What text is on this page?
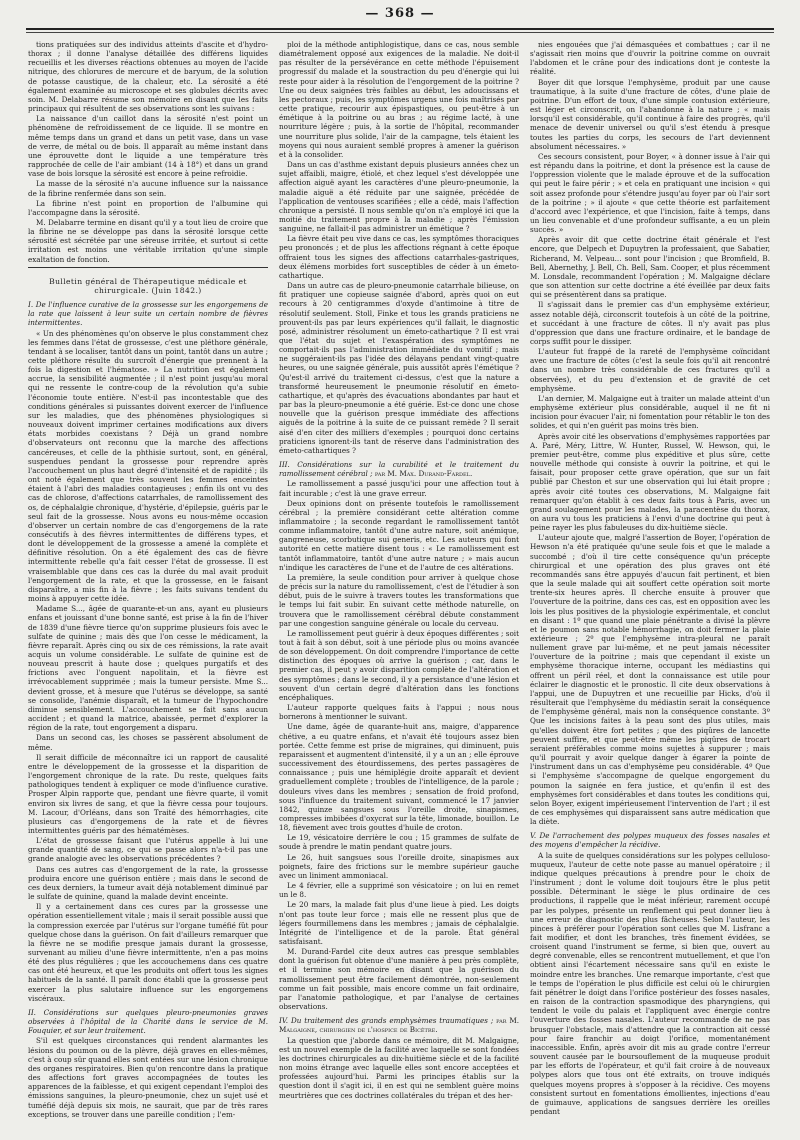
— 368 —

tions pratiquées sur des individus atteints d'ascite et d'hydro-thorax ; il donne l'analyse détaillée des différens liquides recueillis et les diverses réactions obtenues au moyen de l'acide nitrique, des chlorures de mercure et de baryum, de la solution de potasse caustique, de la chaleur, etc. La sérosité a été également examinée au microscope et ses globules décrits avec soin. M. Delabarre résume son mémoire en disant que les faits principaux qui résultent de ses observations sont les suivans :

La naissance d'un caillot dans la sérosité n'est point un phénomène de refroidissement de ce liquide. Il se montre en même temps dans un grand et dans un petit vase, dans un vase de verre, de métal ou de bois. Il apparaît au même instant dans une éprouvette dont le liquide a une température très rapprochée de celle de l'air ambiant (14 à 18°) et dans un grand vase de bois lorsque la sérosité est encore à peine refroidie.

La masse de la sérosité n'a aucune influence sur la naissance de la fibrine renfermée dans son sein.

La fibrine n'est point en proportion de l'albumine qui l'accompagne dans la sérosité.

M. Delabarre termine en disant qu'il y a tout lieu de croire que la fibrine ne se développe pas dans la sérosité lorsque cette sérosité est sécrétée par une séreuse irritée, et surtout si cette irritation est moins une véritable irritation qu'une simple exaltation de fonction.

Bulletin général de Thérapeutique médicale et chirurgicale. (Juin 1842.)

I. De l'influence curative de la grossesse sur les engorgemens de la rate que laissent à leur suite un certain nombre de fièvres intermittentes.

« Un des phénomènes qu'on observe le plus constamment chez les femmes dans l'état de grossesse, c'est une pléthore générale, tendant à se localiser, tantôt dans un point, tantôt dans un autre ; cette pléthore résulte du surcroît d'énergie que prennent à la fois la digestion et l'hématose. » La nutrition est également accrue, la sensibilité augmentée ; il n'est point jusqu'au moral qui ne ressente le contre-coup de la révolution qu'a subie l'économie toute entière. N'est-il pas incontestable que des conditions générales si puissantes doivent exercer de l'influence sur les maladies, que des phénomènes physiologiques si nouveaux doivent imprimer certaines modifications aux divers états morbides coexistans ? Déjà un grand nombre d'observateurs ont reconnu que la marche des affections cancéreuses, et celle de la phthisie surtout, sont, en général, suspendues pendant la grossesse pour reprendre après l'accouchement un plus haut degré d'intensité et de rapidité ; ils ont noté également que très souvent les femmes enceintes étaient à l'abri des maladies contagieuses ; enfin ils ont vu des cas de chlorose, d'affections catarrhales, de ramollissement des os, de céphalalgie chronique, d'hystérie, d'épilepsie, guéris par le seul fait de la grossesse. Nous avons eu nous-même occasion d'observer un certain nombre de cas d'engorgemens de la rate consécutifs à des fièvres intermittentes de différens types, et dont le développement de la grossesse a amené la complète et définitive résolution. On a été également des cas de fièvre intermittente rebelle qu'a fait cesser l'état de grossesse. Il est vraisemblable que dans ces cas la durée du mal avait produit l'engorgement de la rate, et que la grossesse, en le faisant disparaître, a mis fin à la fièvre ; les faits suivans tendent du moins à appuyer cette idée.

Madame S..., âgée de quarante-et-un ans, ayant eu plusieurs enfans et jouissant d'une bonne santé, est prise à la fin de l'hiver de 1839 d'une fièvre tierce qu'on supprime plusieurs fois avec le sulfate de quinine ; mais dès que l'on cesse le médicament, la fièvre reparaît. Après cinq ou six de ces rémissions, la rate avait acquis un volume considérable. Le sulfate de quinine est de nouveau prescrit à haute dose ; quelques purgatifs et des frictions avec l'onguent napolitain, et la fièvre est irrévocablement supprimée ; mais la tumeur persiste. Mme S... devient grosse, et à mesure que l'utérus se développe, sa santé se consolide, l'anémie disparaît, et la tumeur de l'hypochondre diminue sensiblement. L'accouchement se fait sans aucun accident ; et quand la matrice, abaissée, permet d'explorer la région de la rate, tout engorgement a disparu.

Dans un second cas, les choses se passèrent absolument de même.

Il serait difficile de méconnaître ici un rapport de causalité entre le développement de la grossesse et la disparition de l'engorgement chronique de la rate. Du reste, quelques faits pathologiques tendent à expliquer ce mode d'influence curative. Prosper Alpin rapporte que, pendant une fièvre quarte, il vomit environ six livres de sang, et que la fièvre cessa pour toujours. M. Lacour, d'Orléans, dans son Traité des hémorrhagies, cite plusieurs cas d'engorgemens de la rate et de fièvres intermittentes guéris par des hématémèses.

L'état de grossesse faisant que l'utérus appelle à lui une grande quantité de sang, ce qui se passe alors n'a-t-il pas une grande analogie avec les observations précédentes ?

Dans ces autres cas d'engorgement de la rate, la grossesse produira encore une guérison entière ; mais dans le second de ces deux derniers, la tumeur avait déjà notablement diminué par le sulfate de quinine, quand la malade devint enceinte.

Il y a certainement dans ces cures par la grossesse une opération essentiellement vitale ; mais il serait possible aussi que la compression exercée par l'utérus sur l'organe tuméfié fût pour quelque chose dans la guérison. On fait d'ailleurs remarquer que la fièvre ne se modifie presque jamais durant la grossesse, survenant au milieu d'une fièvre intermittente, n'en a pas moins été des plus régulières ; que les accouchemens dans ces quatre cas ont été heureux, et que les produits ont offert tous les signes habituels de la santé. Il paraît donc établi que la grossesse peut exercer la plus salutaire influence sur les engorgemens viscéraux.

II. Considérations sur quelques pleuro-pneumonies graves observées à l'hôpital de la Charité dans le service de M. Fouquier, et sur leur traitement.

S'il est quelques circonstances qui rendent alarmantes les lésions du poumon ou de la plèvre, déjà graves en elles-mêmes, c'est à coup sûr quand elles sont entées sur une lésion chronique des organes respiratoires. Bien qu'on rencontre dans la pratique des affections fort graves accompagnées de toutes les apparences de la faiblesse, et qui exigent cependant l'emploi des émissions sanguines, la pleuro-pneumonie, chez un sujet usé et tuméfié déjà depuis six mois, ne saurait, que par de très rares exceptions, se trouver dans une pareille condition ; l'em-

ploi de la méthode antiphlogistique, dans ce cas, nous semble diamétralement opposé aux exigences de la maladie. Ne doit-il pas résulter de la persévérance en cette méthode l'épuisement progressif du malade et la soustraction du peu d'énergie qui lui reste pour aider à la résolution de l'engorgement de la poitrine ? Une ou deux saignées très faibles au début, les adoucissans et les pectoraux ; puis, les symptômes urgens une fois maîtrisés par cette pratique, recourir aux épispastiques, ou peut-être à un émétique à la poitrine ou au bras ; au régime lacté, à une nourriture légère ; puis, à la sortie de l'hôpital, recommander une nourriture plus solide, l'air de la campagne, tels étaient les moyens qui nous auraient semblé propres à amener la guérison et à la consolider.

Dans un cas d'asthme existant depuis plusieurs années chez un sujet affaibli, maigre, étiolé, et chez lequel s'est développée une affection aiguë ayant les caractères d'une pleuro-pneumonie, la maladie aiguë a été réduite par une saignée, précédée de l'application de ventouses scarifiées ; elle a cédé, mais l'affection chronique a persisté. Il nous semble qu'on n'a employé ici que la moitié du traitement propre à la maladie ; après l'émission sanguine, ne fallait-il pas administrer un émétique ?

La fièvre était peu vive dans ce cas, les symptômes thoraciques peu prononcés ; et de plus les affections régnant à cette époque offraient tous les signes des affections catarrhales-gastriques, deux élémens morbides fort susceptibles de céder à un émeto-cathartique.

Dans un autre cas de pleuro-pneumonie catarrhale bilieuse, on fit pratiquer une copieuse saignée d'abord, après quoi on eut recours à 20 centigrammes d'oxyde d'antimoine à titre de résolutif seulement. Stoll, Finke et tous les grands praticiens ne prouvent-ils pas par leurs expériences qu'il fallait, le diagnostic posé, administrer résolument un émeto-cathartique ? Il est vrai que l'état du sujet et l'exaspération des symptômes ne comportait-ils pas l'administration immédiate du vomitif ; mais ne suggéraient-ils pas l'idée des délayans pendant vingt-quatre heures, ou une saignée générale, puis aussitôt après l'émétique ? Qu'est-il arrivé du traitement ci-dessus, c'est que la nature a transformé heureusement le pneumonie résolutif en émeto-cathartique, et qu'après des évacuations abondantes par haut et par bas la pleuro-pneumonie a été guérie. Est-ce donc une chose nouvelle que la guérison presque immédiate des affections aiguës de la poitrine à la suite de ce puissant remède ? Il serait aisé d'en citer des milliers d'exemples ; pourquoi donc certains praticiens ignorent-ils tant de réserve dans l'administration des émeto-cathartiques ?

III. Considérations sur la curabilité et le traitement du ramollissement cérébral ; par M. Max. Durand-Fardel.

Le ramollissement a passé jusqu'ici pour une affection tout à fait incurable ; c'est là une grave erreur.

Deux opinions dont on présente toutefois le ramollissement cérébral ; la première considérant cette altération comme inflammatoire ; la seconde regardant le ramollissement tantôt comme inflammatoire, tantôt d'une autre nature, soit anémique, gangreneuse, scorbutique sui generis, etc. Les auteurs qui font autorité en cette matière disent tous : « Le ramollissement est tantôt inflammatoire, tantôt d'une autre nature ; » mais aucun n'indique les caractères de l'une et de l'autre de ces altérations.

La première, la seule condition pour arriver à quelque chose de précis sur la nature du ramollissement, c'est de l'étudier à son début, puis de le suivre à travers toutes les transformations que le temps lui fait subir. En suivant cette méthode naturelle, on trouvera que le ramollissement cérébral débute constamment par une congestion sanguine générale ou locale du cerveau.

Le ramollissement peut guérir à deux époques différentes ; soit tout à fait à son début, soit à une période plus ou moins avancée de son développement. On doit comprendre l'importance de cette distinction des époques où arrive la guérison ; car, dans le premier cas, il peut y avoir disparition complète de l'altération et des symptômes ; dans le second, il y a persistance d'une lésion et souvent d'un certain degré d'altération dans les fonctions encéphaliques.

L'auteur rapporte quelques faits à l'appui ; nous nous bornerons à mentionner le suivant.

Une dame, âgée de quarante-huit ans, maigre, d'apparence chétive, a eu quatre enfans, et n'avait été toujours assez bien portée. Cette femme est prise de migraines, qui diminuent, puis reparaissent et augmentent d'intensité, il y a un an ; elle éprouve successivement des étourdissemens, des pertes passagères de connaissance ; puis une hémiplégie droite apparaît et devient graduellement complète ; troubles de l'intelligence, de la parole ; douleurs vives dans les membres ; sensation de froid profond, sous l'influence du traitement suivant, commencé le 17 janvier 1842, quinze sangsues sous l'oreille droite, sinapismes, compresses imbibées d'oxycrat sur la tête, limonade, bouillon. Le 18, fièvement avec trois gouttes d'huile de croton.

Le 19, vésicatoire derrière le cou ; 15 grammes de sulfate de soude à prendre le matin pendant quatre jours.

Le 26, huit sangsues sous l'oreille droite, sinapismes aux poignets, faire des frictions sur le membre supérieur gauche avec un liniment ammoniacal.

Le 4 février, elle a supprimé son vésicatoire ; on lui en remet un le 8.

Le 20 mars, la malade fait plus d'une lieue à pied. Les doigts n'ont pas toute leur force ; mais elle ne ressent plus que de légers fourmillemens dans les membres ; jamais de céphalalgie. Intégrité de l'intelligence et de la parole. État général satisfaisant.

M. Durand-Fardel cite deux autres cas presque semblables dont la guérison fut obtenue d'une manière à peu près complète, et il termine son mémoire en disant que la guérison du ramollissement peut être facilement démontrée, non-seulement comme un fait possible, mais encore comme un fait ordinaire, par l'anatomie pathologique, et par l'analyse de certaines observations.

IV. Du traitement des grands emphysèmes traumatiques ; par M. Malgaigne, chirurgien de l'hospice de Bicêtre.

La question que j'aborde dans ce mémoire, dit M. Malgaigne, est un nouvel exemple de la facilité avec laquelle se sont fondées les doctrines chirurgicales au dix-huitième siècle et de la facilité non moins étrange avec laquelle elles sont encore acceptées et professées aujourd'hui. Parmi les principes établis sur la question dont il s'agit ici, il en est qui ne semblent guère moins meurtrières que ces doctrines collatérales du trépan et des her-

nies engouées que j'ai démasquées et combattues ; car il ne s'agissait rien moins que d'ouvrir la poitrine comme on ouvrait l'abdomen et le crâne pour des indications dont je conteste la réalité.

Boyer dit que lorsque l'emphysème, produit par une cause traumatique, à la suite d'une fracture de côtes, d'une plaie de poitrine. D'un effort de toux, d'une simple contusion extérieure, est léger et circonscrit, on l'abandonne à la nature ; « mais lorsqu'il est considérable, qu'il continue à faire des progrès, qu'il menace de devenir universel ou qu'il s'est étendu à presque toutes les parties du corps, les secours de l'art deviennent absolument nécessaires. »

Ces secours consistent, pour Boyer, « à donner issue à l'air qui est répandu dans la poitrine, et dont la présence est la cause de l'oppression violente que le malade éprouve et de la suffocation qui peut le faire périr ; » et cela en pratiquant une incision « qui soit assez profonde pour s'étendre jusqu'au foyer par où l'air sort de la poitrine ; » il ajoute « que cette théorie est parfaitement d'accord avec l'expérience, et que l'incision, faite à temps, dans un lieu convenable et d'une profondeur suffisante, a eu un plein succès. »

Après avoir dit que cette doctrine était générale et l'est encore, que Delpech et Dupuytren la professaient, que Sabatier, Richerand, M. Velpeau... sont pour l'incision ; que Bromfield, B. Bell, Abernethy, J. Bell, Ch. Bell, Sam. Cooper, et plus récemment M. Lonsdale, recommandent l'opération ; M. Malgaigne déclare que son attention sur cette doctrine a été éveillée par deux faits qui se présentèrent dans sa pratique.

Il s'agissait dans le premier cas d'un emphysème extérieur, assez notable déjà, circonscrit toutefois à un côté de la poitrine, et succédant à une fracture de côtes. Il n'y avait pas plus d'oppression que dans une fracture ordinaire, et le bandage de corps suffit pour le dissiper.

L'auteur fut frappé de la rareté de l'emphysème coïncidant avec une fracture de côtes (c'est la seule fois qu'il ait rencontré dans un nombre très considérable de ces fractures qu'il a observées), et du peu d'extension et de gravité de cet emphysème.

L'an dernier, M. Malgaigne eut à traiter un malade atteint d'un emphysème extérieur plus considérable, auquel il ne fit ni incision pour évacuer l'air, ni fomentation pour rétablir le ton des solides, et qui n'en guérit pas moins très bien.

Après avoir cité les observations d'emphysèmes rapportées par A. Paré, Méry, Littre, W. Hunter, Russel, W. Hewson, qui, le premier peut-être, comme plus expéditive et plus sûre, cette nouvelle méthode qui consiste à ouvrir la poitrine, et qui le faisait, pour proposer cette grave opération, que sur un fait publié par Cheston et sur une observation qui lui était propre ; après avoir cité toutes ces observations, M. Malgaigne fait remarquer qu'on établit à ces deux faits tous à Paris, avec un grand soulagement pour les malades, la paracentèse du thorax, on aura vu tous les praticiens à l'envi d'une doctrine qui peut à peine rayer les plus fabuleuses du dix-huitième siècle.

L'auteur ajoute que, malgré l'assertion de Boyer, l'opération de Hewson n'a été pratiquée qu'une seule fois et que le malade a succombé ; d'où il tire cette conséquence qu'un précepte chirurgical et une opération des plus graves ont été recommandés sans être appuyés d'aucun fait pertinent, et bien que la seule malade qui ait souffert cette opération soit morte trente-six heures après. Il cherche ensuite à prouver que l'ouverture de la poitrine, dans ces cas, est en opposition avec les lois les plus positives de la physiologie expérimentale, et conclut en disant : 1º que quand une plaie pénétrante a divisé la plèvre et le poumon sans notable hémorrhagie, on doit fermer la plaie extérieure ; 2º que l'emphysème intra-pleural ne paraît nullement grave par lui-même, et ne peut jamais nécessiter l'ouverture de la poitrine ; mais que cependant il existe un emphysème thoracique interne, occupant les médiastins qui offrent un péril réel, et dont la connaissance est utile pour éclairer le diagnostic et le pronostic. Il cite deux observations à l'appui, une de Dupuytren et une recueillie par Hicks, d'où il résulterait que l'emphysème du médiastin serait la conséquence de l'emphysème général, mais non la conséquence constante. 3º Que les incisions faites à la peau sont des plus utiles, mais qu'elles doivent être fort petites ; que des piqûres de lancette peuvent suffire, et que peut-être même les piqûres de trocart seraient préférables comme moins sujettes à suppurer ; mais qu'il pourrait y avoir quelque danger à égarer la pointe de l'instrument dans un cas d'emphysème peu considérable. 4º Que si l'emphysème s'accompagne de quelque engorgement du poumon la saignée en fera justice, et qu'enfin il est des emphysèmes fort considérables et dans toutes les conditions qui, selon Boyer, exigent impérieusement l'intervention de l'art ; il est de ces emphysèmes qui disparaissent sans autre médication que la diète.

V. De l'arrachement des polypes muqueux des fosses nasales et des moyens d'empêcher la récidive.

A la suite de quelques considérations sur les polypes celluloso-muqueux, l'auteur de cette note passe au manuel opératoire ; il indique quelques précautions à prendre pour le choix de l'instrument ; dont le volume doit toujours être le plus petit possible. Déterminant le siège le plus ordinaire de ces productions, il rappelle que le méat inférieur, rarement occupé par les polypes, présente un renflement qui peut donner lieu à une erreur de diagnostic des plus fâcheuses. Selon l'auteur, les pinces à préférer pour l'opération sont celles que M. Lisfranc a fait modifier, et dont les branches, très finement évidées, se croisent quand l'instrument se ferme, si bien que, ouvert au degré convenable, elles se rencontrent mutuellement, et que l'on obtient ainsi l'écartement nécessaire sans qu'il en existe le moindre entre les branches. Une remarque importante, c'est que le temps de l'opération le plus difficile est celui où le chirurgien fait pénétrer le doigt dans l'orifice postérieur des fosses nasales, en raison de la contraction spasmodique des pharyngiens, qui tendent le voile du palais et l'appliquent avec énergie contre l'ouverture des fosses nasales. L'auteur recommande de ne pas brusquer l'obstacle, mais d'attendre que la contraction ait cessé pour faire franchir au doigt l'orifice, momentanément inaccessible. Enfin, après avoir dit mis au grade contre l'erreur souvent causée par le boursouflement de la muqueuse produit par les efforts de l'opérateur, et qu'il fait croire à de nouveaux polypes alors que tous ont été extraits, on trouve indiqués quelques moyens propres à s'opposer à la récidive. Ces moyens consistent surtout en fomentations émollientes, injections d'eau de guimauve, applications de sangsues derrière les oreilles pendant
